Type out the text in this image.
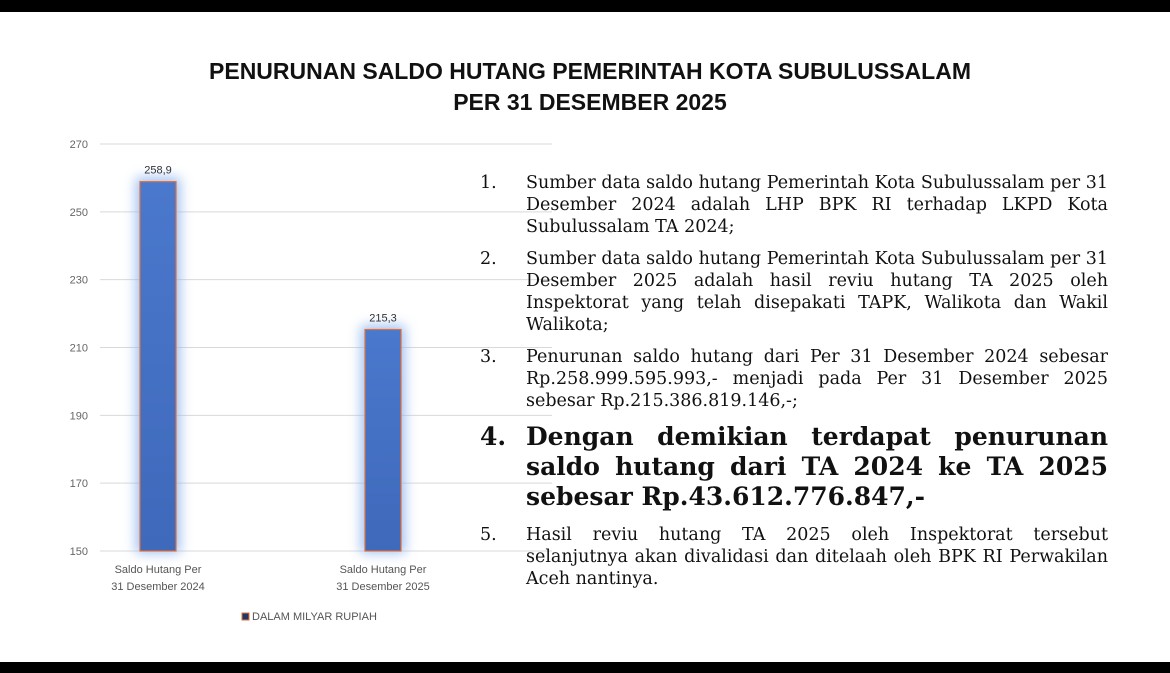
PENURUNAN SALDO HUTANG PEMERINTAH KOTA SUBULUSSALAM
PER 31 DESEMBER 2025
150
170
190
210
230
250
270
258,9
Saldo Hutang Per
31 Desember 2024
215,3
Saldo Hutang Per
31 Desember 2025
DALAM MILYAR RUPIAH
1.	Sumber data saldo hutang Pemerintah Kota Subulussalam per 31 Desember 2024 adalah LHP BPK RI terhadap LKPD Kota Subulussalam TA 2024;
2.	Sumber data saldo hutang Pemerintah Kota Subulussalam per 31 Desember 2025 adalah hasil reviu hutang TA 2025 oleh Inspektorat yang telah disepakati TAPK, Walikota dan Wakil Walikota;
3.	Penurunan saldo hutang dari Per 31 Desember 2024 sebesar Rp.258.999.595.993,- menjadi pada Per 31 Desember 2025 sebesar Rp.215.386.819.146,-;
4. Dengan demikian terdapat penurunan saldo hutang dari TA 2024 ke TA 2025 sebesar Rp.43.612.776.847,-
5.	Hasil reviu hutang TA 2025 oleh Inspektorat tersebut selanjutnya akan divalidasi dan ditelaah oleh BPK RI Perwakilan Aceh nantinya.
